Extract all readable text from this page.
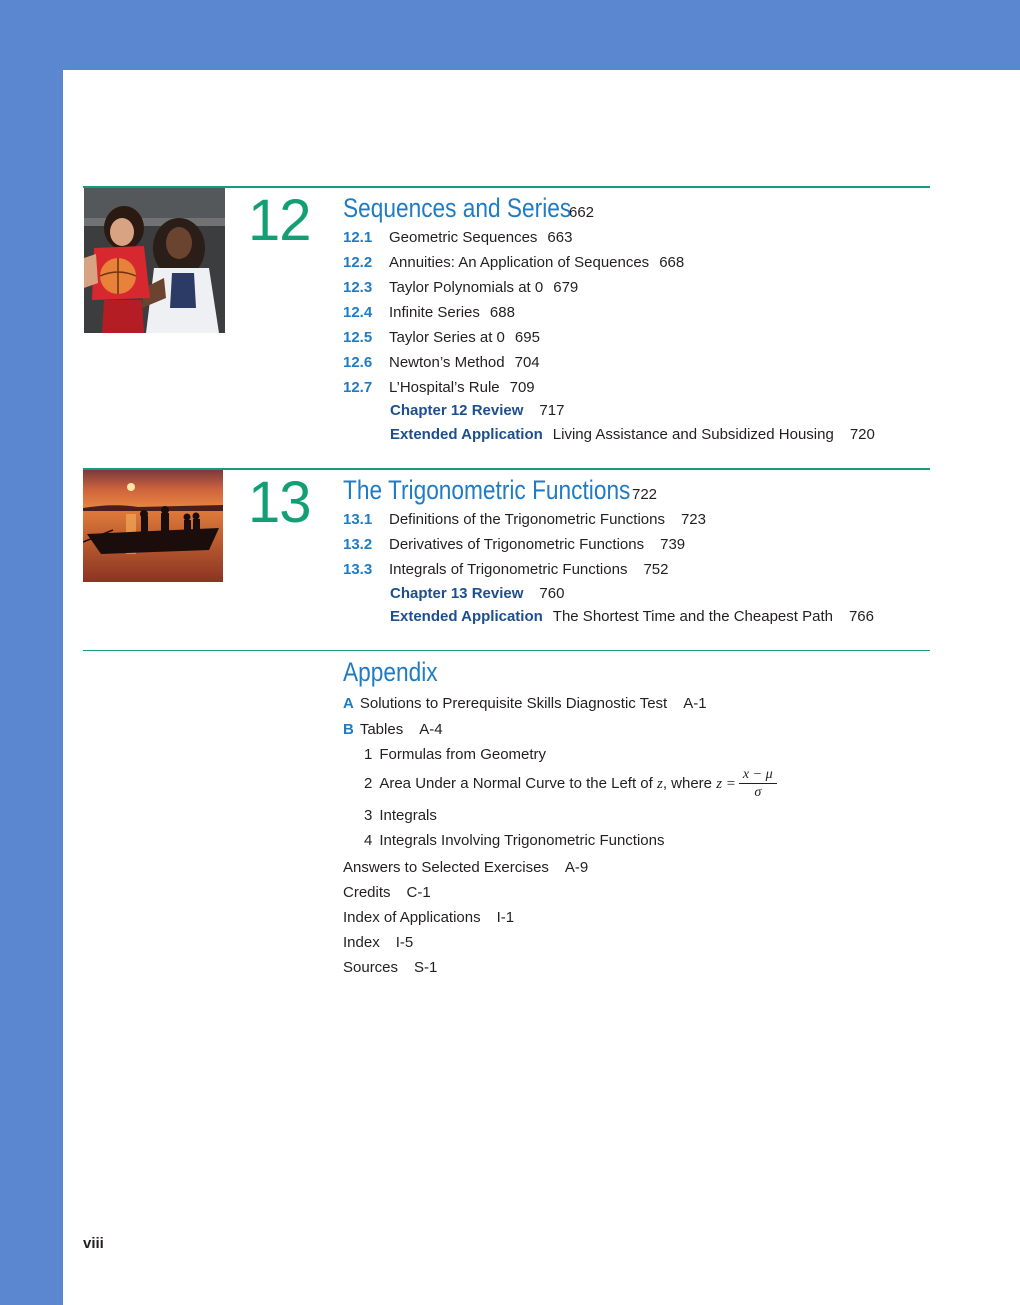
12 Sequences and Series
662
12.1 Geometric Sequences 663
12.2 Annuities: An Application of Sequences 668
12.3 Taylor Polynomials at 0 679
12.4 Infinite Series 688
12.5 Taylor Series at 0 695
12.6 Newton’s Method 704
12.7 L’Hospital’s Rule 709
Chapter 12 Review 717
Extended Application Living Assistance and Subsidized Housing 720
13 The Trigonometric Functions 722
13.1 Definitions of the Trigonometric Functions 723
13.2 Derivatives of Trigonometric Functions 739
13.3 Integrals of Trigonometric Functions 752
Chapter 13 Review 760
Extended Application The Shortest Time and the Cheapest Path 766
Appendix
A Solutions to Prerequisite Skills Diagnostic Test A-1
B Tables A-4
1 Formulas from Geometry
2 Area Under a Normal Curve to the Left of z, where $z = \frac{x - \mu}{\sigma}$
3 Integrals
4 Integrals Involving Trigonometric Functions
Answers to Selected Exercises A-9
Credits C-1
Index of Applications I-1
Index I-5
Sources S-1
viii
